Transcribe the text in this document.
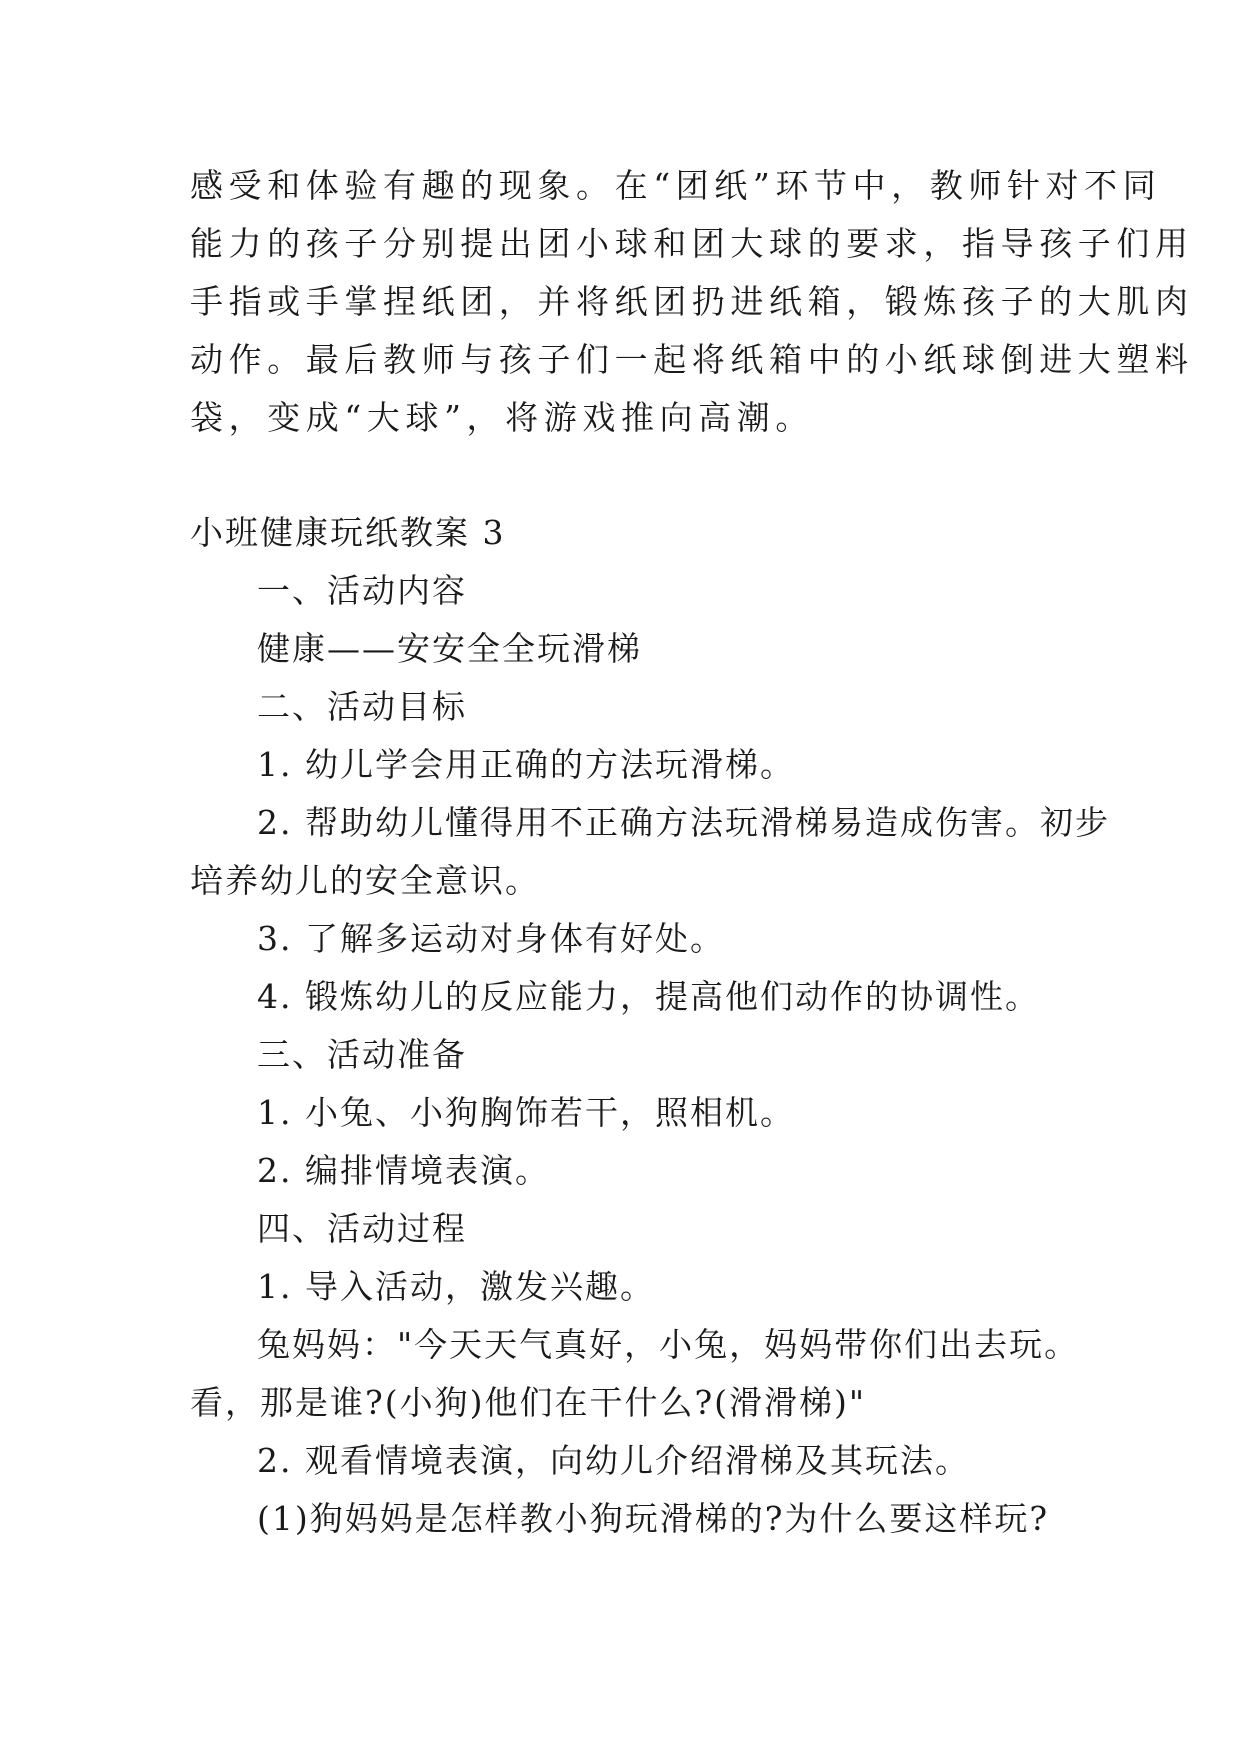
感受和体验有趣的现象。在“团纸”环节中，教师针对不同
能力的孩子分别提出团小球和团大球的要求，指导孩子们用
手指或手掌捏纸团，并将纸团扔进纸箱，锻炼孩子的大肌肉
动作。最后教师与孩子们一起将纸箱中的小纸球倒进大塑料
袋，变成“大球”，将游戏推向高潮。
小班健康玩纸教案 3
一、活动内容
健康——安安全全玩滑梯
二、活动目标
1. 幼儿学会用正确的方法玩滑梯。
2. 帮助幼儿懂得用不正确方法玩滑梯易造成伤害。初步
培养幼儿的安全意识。
3. 了解多运动对身体有好处。
4. 锻炼幼儿的反应能力，提高他们动作的协调性。
三、活动准备
1. 小兔、小狗胸饰若干，照相机。
2. 编排情境表演。
四、活动过程
1. 导入活动，激发兴趣。
兔妈妈："今天天气真好，小兔，妈妈带你们出去玩。
看，那是谁?(小狗)他们在干什么?(滑滑梯)"
2. 观看情境表演，向幼儿介绍滑梯及其玩法。
(1)狗妈妈是怎样教小狗玩滑梯的?为什么要这样玩?
